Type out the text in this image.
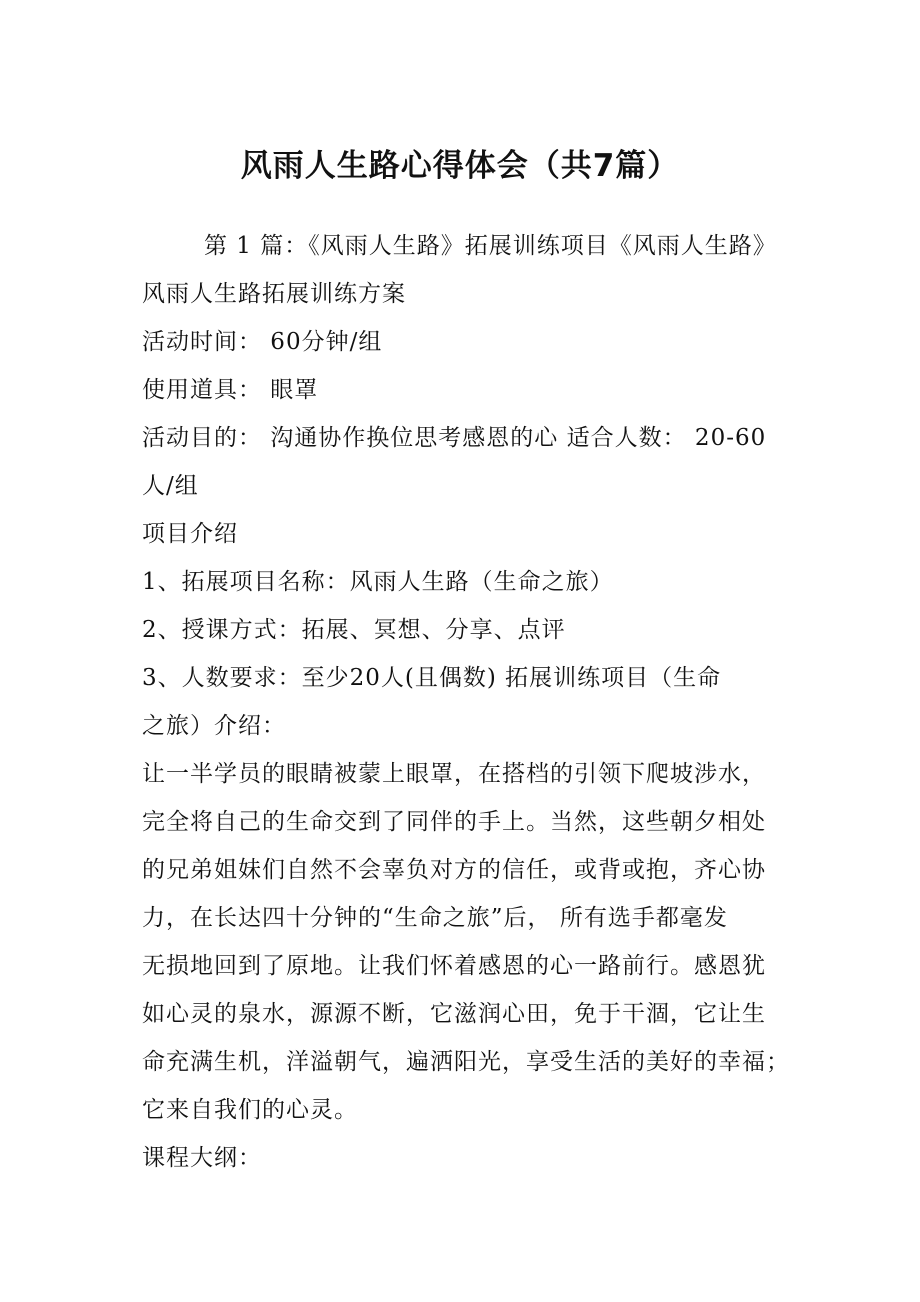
风雨人生路心得体会（共7篇）
第 1 篇：《风雨人生路》拓展训练项目《风雨人生路》
风雨人生路拓展训练方案
活动时间： 60分钟/组
使用道具： 眼罩
活动目的： 沟通协作换位思考感恩的心 适合人数： 20-60
人/组
项目介绍
1、拓展项目名称：风雨人生路（生命之旅）
2、授课方式：拓展、冥想、分享、点评
3、人数要求：至少20人(且偶数) 拓展训练项目（生命
之旅）介绍：
让一半学员的眼睛被蒙上眼罩，在搭档的引领下爬坡涉水，
完全将自己的生命交到了同伴的手上。当然，这些朝夕相处
的兄弟姐妹们自然不会辜负对方的信任，或背或抱，齐心协
力，在长达四十分钟的“生命之旅”后， 所有选手都毫发
无损地回到了原地。让我们怀着感恩的心一路前行。感恩犹
如心灵的泉水，源源不断，它滋润心田，免于干涸，它让生
命充满生机，洋溢朝气，遍洒阳光，享受生活的美好的幸福；
它来自我们的心灵。
课程大纲：
